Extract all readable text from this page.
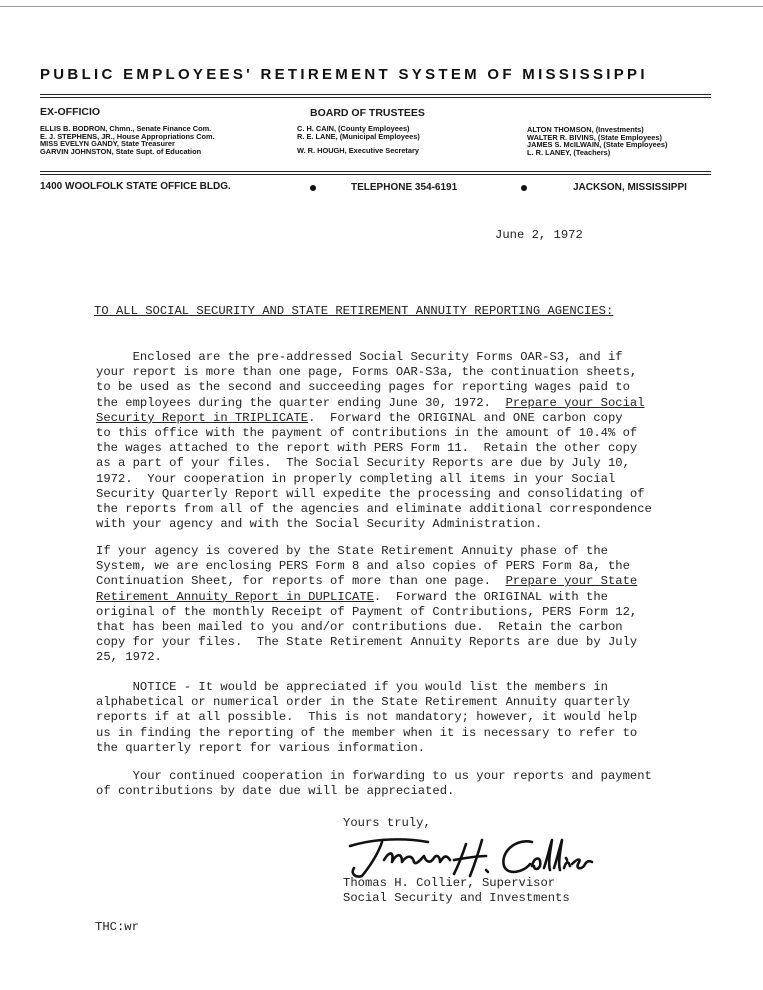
PUBLIC EMPLOYEES' RETIREMENT SYSTEM OF MISSISSIPPI
EX-OFFICIO	BOARD OF TRUSTEES
ELLIS B. BODRON, Chmn., Senate Finance Com.
E. J. STEPHENS, JR., House Appropriations Com.
MISS EVELYN GANDY, State Treasurer
GARVIN JOHNSTON, State Supt. of Education
C. H. CAIN, (County Employees)
R. E. LANE, (Municipal Employees)
W. R. HOUGH, Executive Secretary
ALTON THOMSON, (Investments)
WALTER R. BIVINS, (State Employees)
JAMES S. McILWAIN, (State Employees)
L. R. LANEY, (Teachers)
1400 WOOLFOLK STATE OFFICE BLDG.	TELEPHONE 354-6191	JACKSON, MISSISSIPPI
June 2, 1972
TO ALL SOCIAL SECURITY AND STATE RETIREMENT ANNUITY REPORTING AGENCIES:
Enclosed are the pre-addressed Social Security Forms OAR-S3, and if
your report is more than one page, Forms OAR-S3a, the continuation sheets,
to be used as the second and succeeding pages for reporting wages paid to
the employees during the quarter ending June 30, 1972.  Prepare your Social
Security Report in TRIPLICATE.  Forward the ORIGINAL and ONE carbon copy
to this office with the payment of contributions in the amount of 10.4% of
the wages attached to the report with PERS Form 11.  Retain the other copy
as a part of your files.  The Social Security Reports are due by July 10,
1972.  Your cooperation in properly completing all items in your Social
Security Quarterly Report will expedite the processing and consolidating of
the reports from all of the agencies and eliminate additional correspondence
with your agency and with the Social Security Administration.
If your agency is covered by the State Retirement Annuity phase of the
System, we are enclosing PERS Form 8 and also copies of PERS Form 8a, the
Continuation Sheet, for reports of more than one page.  Prepare your State
Retirement Annuity Report in DUPLICATE.  Forward the ORIGINAL with the
original of the monthly Receipt of Payment of Contributions, PERS Form 12,
that has been mailed to you and/or contributions due.  Retain the carbon
copy for your files.  The State Retirement Annuity Reports are due by July
25, 1972.
NOTICE - It would be appreciated if you would list the members in
alphabetical or numerical order in the State Retirement Annuity quarterly
reports if at all possible.  This is not mandatory; however, it would help
us in finding the reporting of the member when it is necessary to refer to
the quarterly report for various information.
Your continued cooperation in forwarding to us your reports and payment
of contributions by date due will be appreciated.
Yours truly,
Thomas H. Collier, Supervisor
Social Security and Investments
THC:wr
